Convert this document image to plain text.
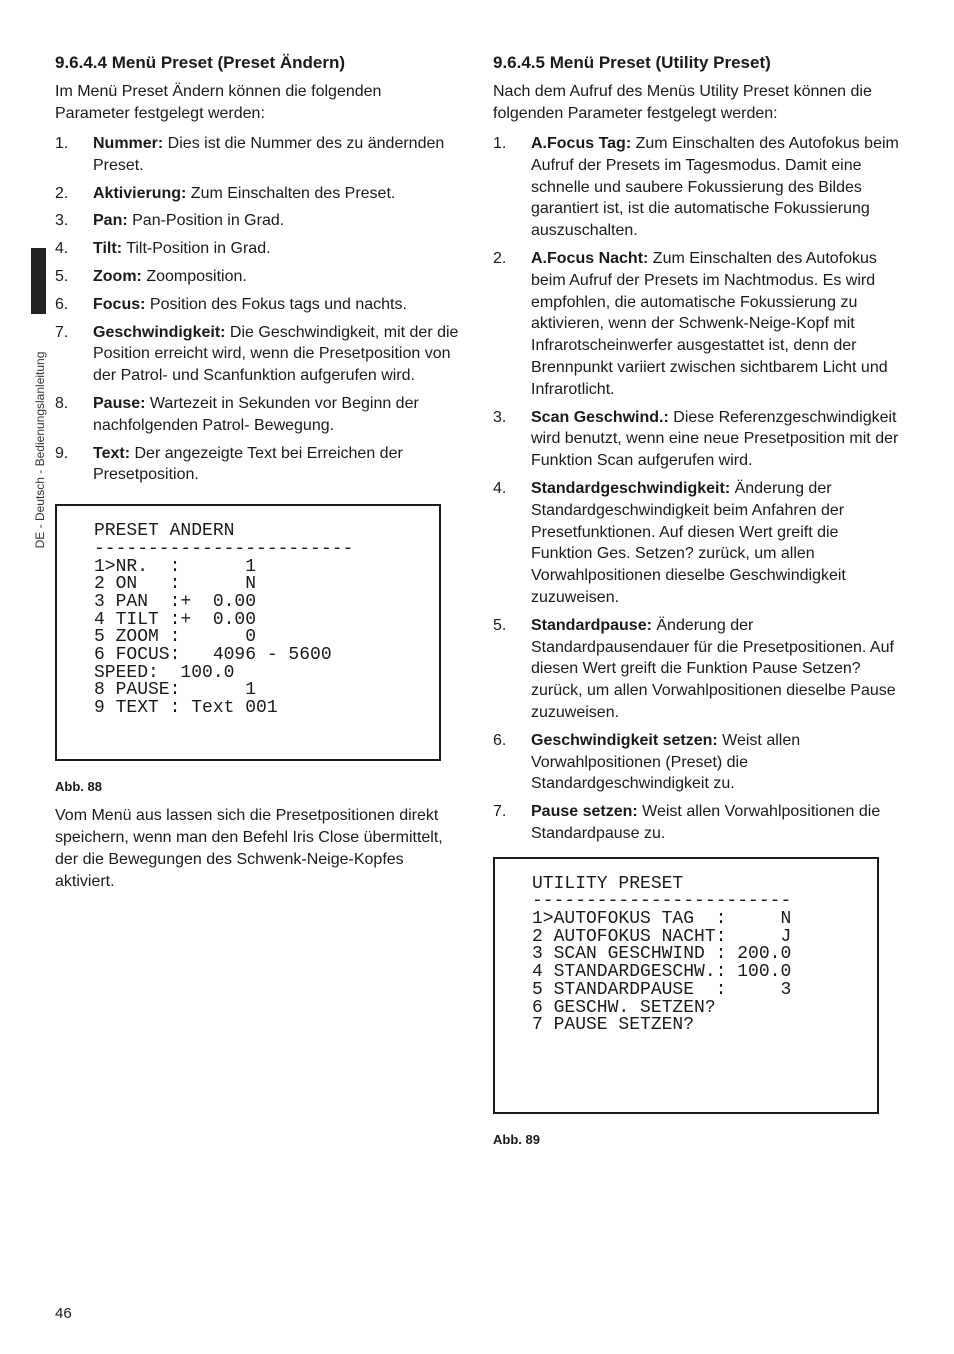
DE - Deutsch - Bedienungslanleitung
9.6.4.4 Menü Preset (Preset Ändern)

Im Menü Preset Ändern können die folgenden Parameter festgelegt werden:

1. Nummer: Dies ist die Nummer des zu ändernden Preset.
2. Aktivierung: Zum Einschalten des Preset.
3. Pan: Pan-Position in Grad.
4. Tilt: Tilt-Position in Grad.
5. Zoom: Zoomposition.
6. Focus: Position des Fokus tags und nachts.
7. Geschwindigkeit: Die Geschwindigkeit, mit der die Position erreicht wird, wenn die Presetposition von der Patrol- und Scanfunktion aufgerufen wird.
8. Pause: Wartezeit in Sekunden vor Beginn der nachfolgenden Patrol- Bewegung.
9. Text: Der angezeigte Text bei Erreichen der Presetposition.
PRESET ANDERN
------------------------
1>NR.  :      1
2 ON   :      N
3 PAN  :+  0.00
4 TILT :+  0.00
5 ZOOM :      0
6 FOCUS:   4096 - 5600
SPEED:  100.0
8 PAUSE:      1
9 TEXT : Text 001
Abb. 88

Vom Menü aus lassen sich die Presetpositionen direkt speichern, wenn man den Befehl Iris Close übermittelt, der die Bewegungen des Schwenk-Neige-Kopfes aktiviert.

9.6.4.5 Menü Preset (Utility Preset)

Nach dem Aufruf des Menüs Utility Preset können die folgenden Parameter festgelegt werden:

1. A.Focus Tag: Zum Einschalten des Autofokus beim Aufruf der Presets im Tagesmodus. Damit eine schnelle und saubere Fokussierung des Bildes garantiert ist, ist die automatische Fokussierung auszuschalten.
2. A.Focus Nacht: Zum Einschalten des Autofokus beim Aufruf der Presets im Nachtmodus. Es wird empfohlen, die automatische Fokussierung zu aktivieren, wenn der Schwenk-Neige-Kopf mit Infrarotscheinwerfer ausgestattet ist, denn der Brennpunkt variiert zwischen sichtbarem Licht und Infrarotlicht.
3. Scan Geschwind.: Diese Referenzgeschwindigkeit wird benutzt, wenn eine neue Presetposition mit der Funktion Scan aufgerufen wird.
4. Standardgeschwindigkeit: Änderung der Standardgeschwindigkeit beim Anfahren der Presetfunktionen. Auf diesen Wert greift die Funktion Ges. Setzen? zurück, um allen Vorwahlpositionen dieselbe Geschwindigkeit zuzuweisen.
5. Standardpause: Änderung der Standardpausendauer für die Presetpositionen. Auf diesen Wert greift die Funktion Pause Setzen? zurück, um allen Vorwahlpositionen dieselbe Pause zuzuweisen.
6. Geschwindigkeit setzen: Weist allen Vorwahlpositionen (Preset) die Standardgeschwindigkeit zu.
7. Pause setzen: Weist allen Vorwahlpositionen die Standardpause zu.
UTILITY PRESET
------------------------
1>AUTOFOKUS TAG  :     N
2 AUTOFOKUS NACHT:     J
3 SCAN GESCHWIND : 200.0
4 STANDARDGESCHW.: 100.0
5 STANDARDPAUSE  :     3
6 GESCHW. SETZEN?
7 PAUSE SETZEN?
Abb. 89
46
